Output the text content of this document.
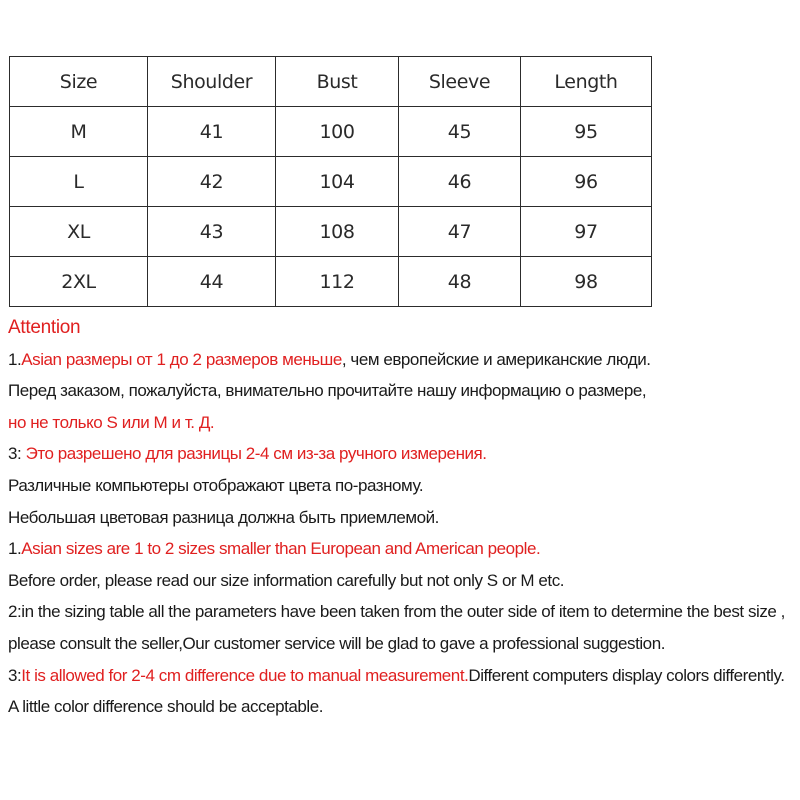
Size	Shoulder	Bust	Sleeve	Length
M	41	100	45	95
L	42	104	46	96
XL	43	108	47	97
2XL	44	112	48	98
Attention
1.Asian размеры от 1 до 2 размеров меньше, чем европейские и американские люди.
Перед заказом, пожалуйста, внимательно прочитайте нашу информацию о размере,
но не только S или M и т. Д.
3: Это разрешено для разницы 2-4 см из-за ручного измерения.
Различные компьютеры отображают цвета по-разному.
Небольшая цветовая разница должна быть приемлемой.
1.Asian sizes are 1 to 2 sizes smaller than European and American people.
Before order, please read our size information carefully but not only S or M etc.
2:in the sizing table all the parameters have been taken from the outer side of item to determine the best size ,
please consult the seller,Our customer service will be glad to gave a professional suggestion.
3:It is allowed for 2-4 cm difference due to manual measurement.Different computers display colors differently.
A little color difference should be acceptable.
